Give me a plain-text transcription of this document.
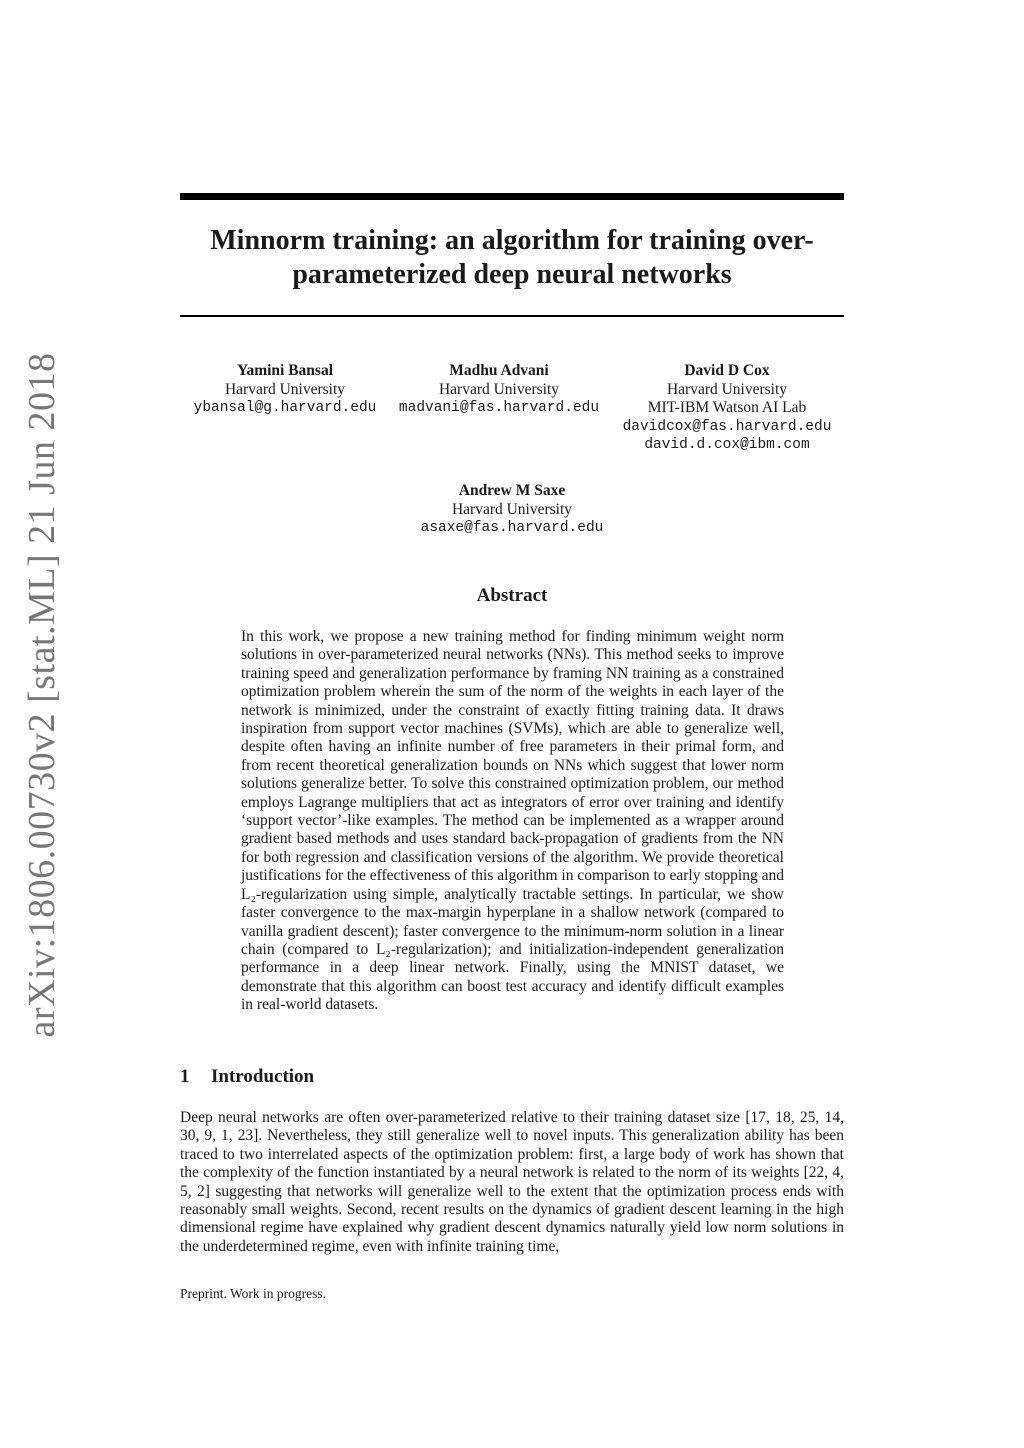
arXiv:1806.00730v2 [stat.ML] 21 Jun 2018
Minnorm training: an algorithm for training over-parameterized deep neural networks
Yamini Bansal
Harvard University
ybansal@g.harvard.edu
Madhu Advani
Harvard University
madvani@fas.harvard.edu
David D Cox
Harvard University
MIT-IBM Watson AI Lab
davidcox@fas.harvard.edu
david.d.cox@ibm.com
Andrew M Saxe
Harvard University
asaxe@fas.harvard.edu
Abstract

In this work, we propose a new training method for finding minimum weight norm solutions in over-parameterized neural networks (NNs). This method seeks to improve training speed and generalization performance by framing NN training as a constrained optimization problem wherein the sum of the norm of the weights in each layer of the network is minimized, under the constraint of exactly fitting training data. It draws inspiration from support vector machines (SVMs), which are able to generalize well, despite often having an infinite number of free parameters in their primal form, and from recent theoretical generalization bounds on NNs which suggest that lower norm solutions generalize better. To solve this constrained optimization problem, our method employs Lagrange multipliers that act as integrators of error over training and identify ‘support vector’-like examples. The method can be implemented as a wrapper around gradient based methods and uses standard back-propagation of gradients from the NN for both regression and classification versions of the algorithm. We provide theoretical justifications for the effectiveness of this algorithm in comparison to early stopping and L₂-regularization using simple, analytically tractable settings. In particular, we show faster convergence to the max-margin hyperplane in a shallow network (compared to vanilla gradient descent); faster convergence to the minimum-norm solution in a linear chain (compared to L₂-regularization); and initialization-independent generalization performance in a deep linear network. Finally, using the MNIST dataset, we demonstrate that this algorithm can boost test accuracy and identify difficult examples in real-world datasets.

1 Introduction

Deep neural networks are often over-parameterized relative to their training dataset size [17, 18, 25, 14, 30, 9, 1, 23]. Nevertheless, they still generalize well to novel inputs. This generalization ability has been traced to two interrelated aspects of the optimization problem: first, a large body of work has shown that the complexity of the function instantiated by a neural network is related to the norm of its weights [22, 4, 5, 2] suggesting that networks will generalize well to the extent that the optimization process ends with reasonably small weights. Second, recent results on the dynamics of gradient descent learning in the high dimensional regime have explained why gradient descent dynamics naturally yield low norm solutions in the underdetermined regime, even with infinite training time,

Preprint. Work in progress.
